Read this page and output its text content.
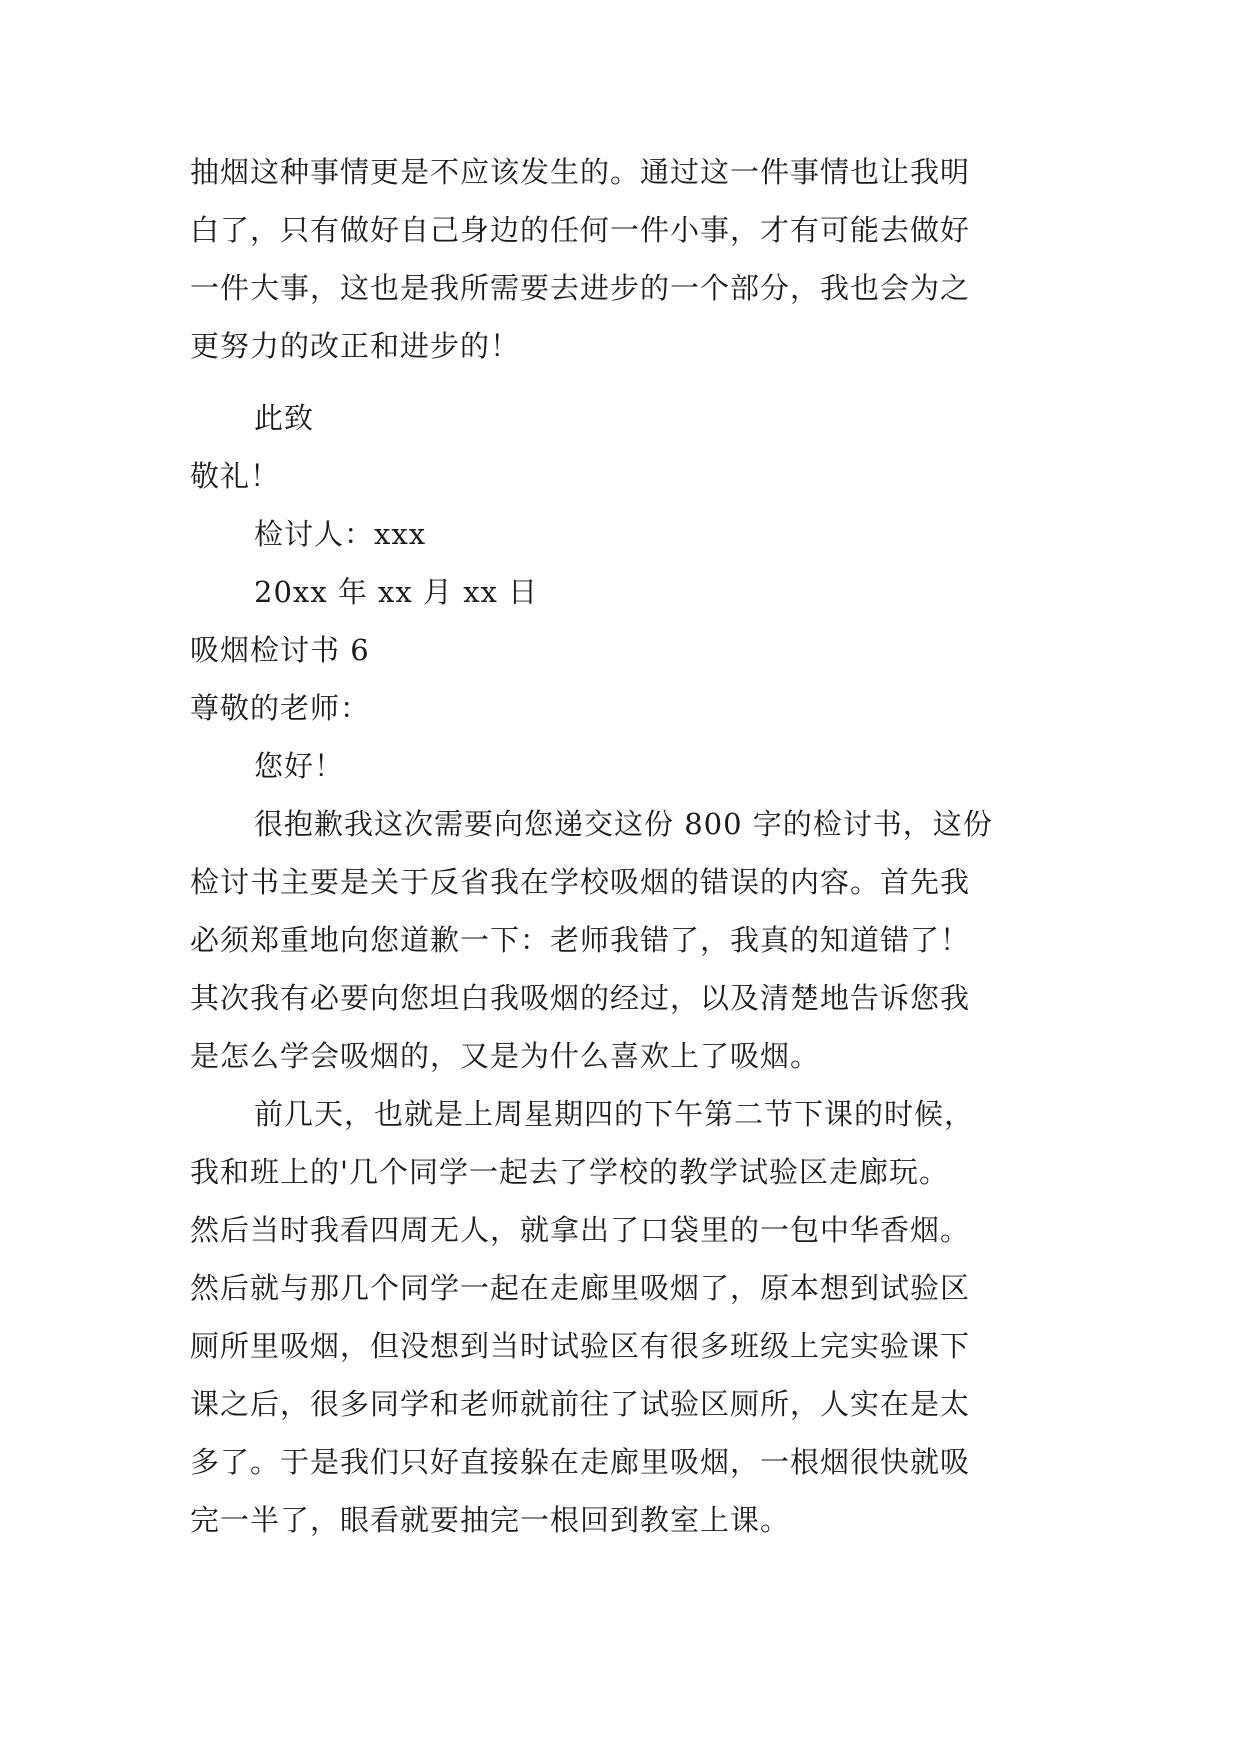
抽烟这种事情更是不应该发生的。通过这一件事情也让我明
白了，只有做好自己身边的任何一件小事，才有可能去做好
一件大事，这也是我所需要去进步的一个部分，我也会为之
更努力的改正和进步的！
此致
敬礼！
检讨人：xxx
20xx 年 xx 月 xx 日
吸烟检讨书 6
尊敬的老师：
您好！
很抱歉我这次需要向您递交这份 800 字的检讨书，这份
检讨书主要是关于反省我在学校吸烟的错误的内容。首先我
必须郑重地向您道歉一下：老师我错了，我真的知道错了！
其次我有必要向您坦白我吸烟的经过，以及清楚地告诉您我
是怎么学会吸烟的，又是为什么喜欢上了吸烟。
前几天，也就是上周星期四的下午第二节下课的时候，
我和班上的'几个同学一起去了学校的教学试验区走廊玩。
然后当时我看四周无人，就拿出了口袋里的一包中华香烟。
然后就与那几个同学一起在走廊里吸烟了，原本想到试验区
厕所里吸烟，但没想到当时试验区有很多班级上完实验课下
课之后，很多同学和老师就前往了试验区厕所，人实在是太
多了。于是我们只好直接躲在走廊里吸烟，一根烟很快就吸
完一半了，眼看就要抽完一根回到教室上课。
